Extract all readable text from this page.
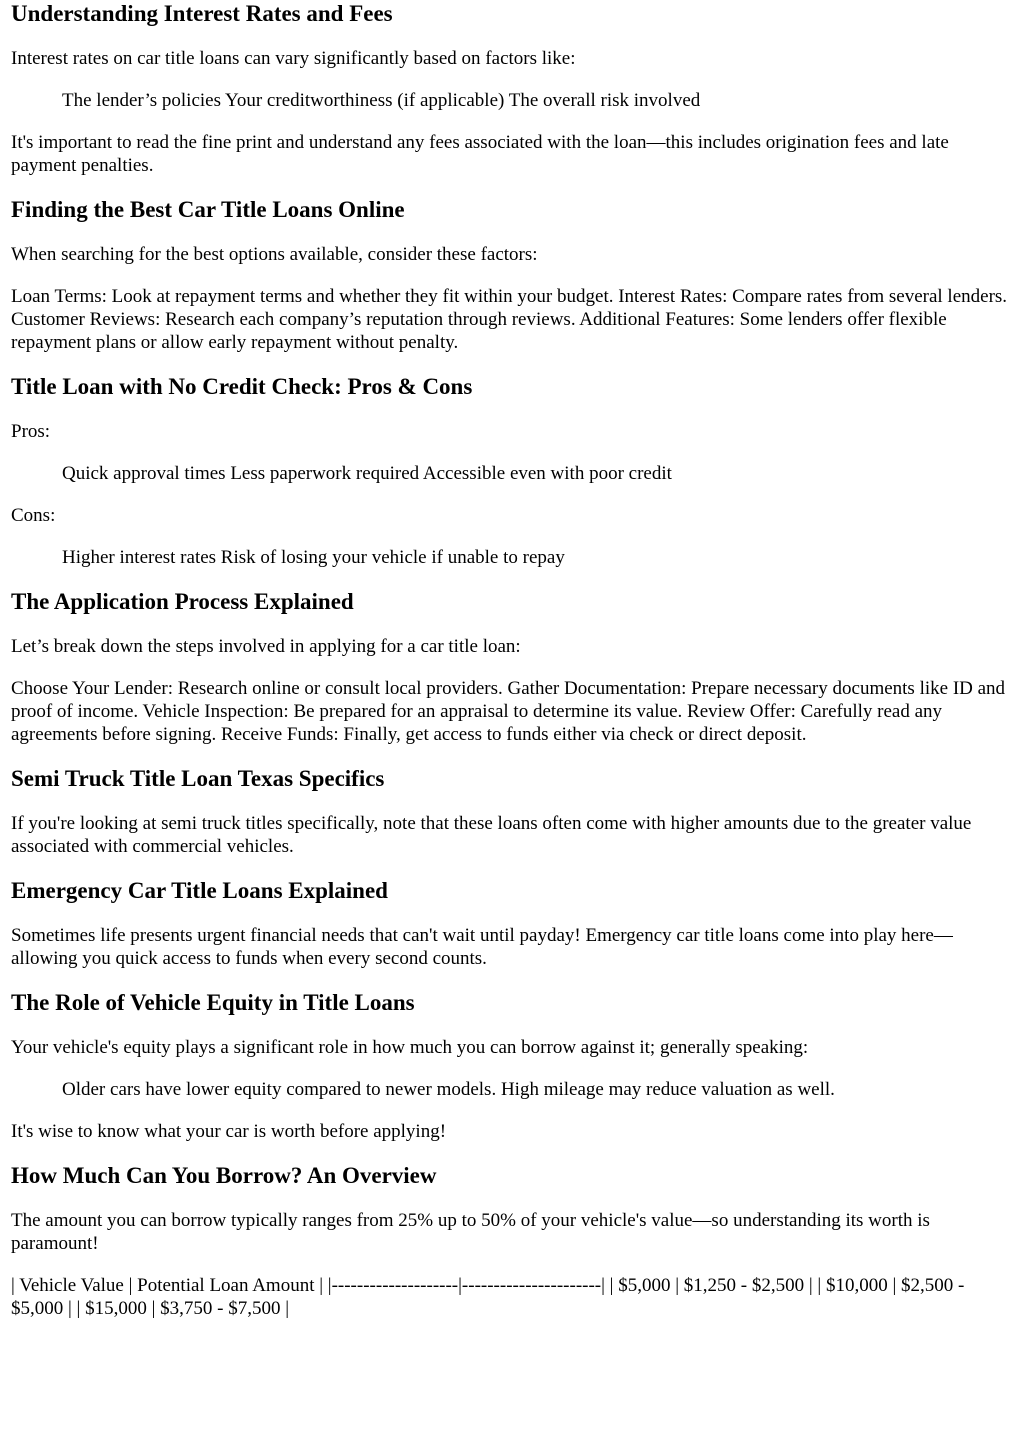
Understanding Interest Rates and Fees

Interest rates on car title loans can vary significantly based on factors like:

The lender’s policies Your creditworthiness (if applicable) The overall risk involved

It's important to read the fine print and understand any fees associated with the loan—this includes origination fees and late payment penalties.

Finding the Best Car Title Loans Online

When searching for the best options available, consider these factors:

Loan Terms: Look at repayment terms and whether they fit within your budget. Interest Rates: Compare rates from several lenders. Customer Reviews: Research each company’s reputation through reviews. Additional Features: Some lenders offer flexible repayment plans or allow early repayment without penalty.

Title Loan with No Credit Check: Pros & Cons

Pros:

Quick approval times Less paperwork required Accessible even with poor credit

Cons:

Higher interest rates Risk of losing your vehicle if unable to repay
The Application Process Explained

Let’s break down the steps involved in applying for a car title loan:

Choose Your Lender: Research online or consult local providers. Gather Documentation: Prepare necessary documents like ID and proof of income. Vehicle Inspection: Be prepared for an appraisal to determine its value. Review Offer: Carefully read any agreements before signing. Receive Funds: Finally, get access to funds either via check or direct deposit.

Semi Truck Title Loan Texas Specifics

If you're looking at semi truck titles specifically, note that these loans often come with higher amounts due to the greater value associated with commercial vehicles.

Emergency Car Title Loans Explained

Sometimes life presents urgent financial needs that can't wait until payday! Emergency car title loans come into play here—allowing you quick access to funds when every second counts.

The Role of Vehicle Equity in Title Loans

Your vehicle's equity plays a significant role in how much you can borrow against it; generally speaking:

Older cars have lower equity compared to newer models. High mileage may reduce valuation as well.

It's wise to know what your car is worth before applying!

How Much Can You Borrow? An Overview

The amount you can borrow typically ranges from 25% up to 50% of your vehicle's value—so understanding its worth is paramount!

| Vehicle Value | Potential Loan Amount | |--------------------|----------------------| | $5,000 | $1,250 - $2,500 | | $10,000 | $2,500 - $5,000 | | $15,000 | $3,750 - $7,500 |
